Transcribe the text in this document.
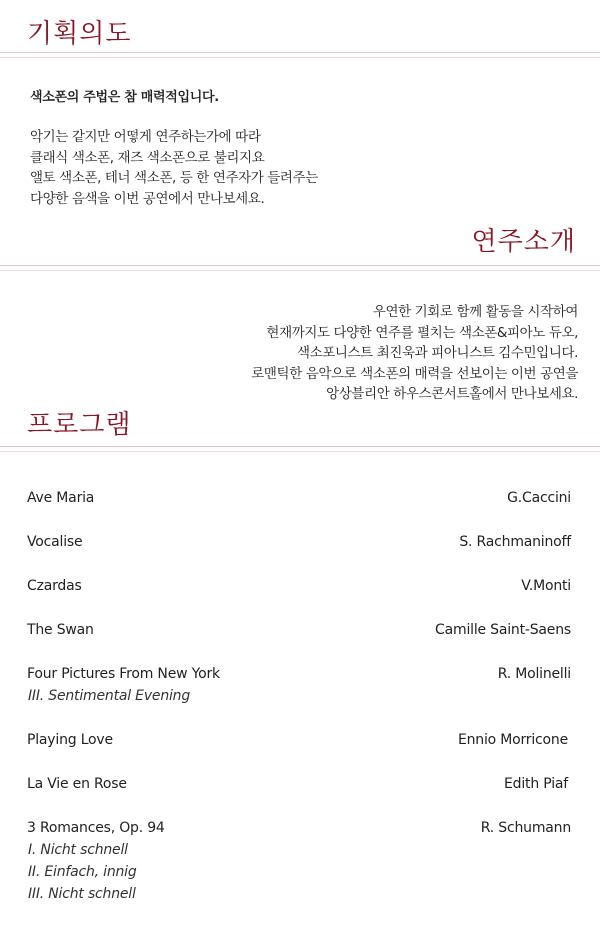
기획의도
색소폰의 주법은 참 매력적입니다.
악기는 같지만 어떻게 연주하는가에 따라
클래식 색소폰, 재즈 색소폰으로 불리지요
앨토 색소폰, 테너 색소폰, 등 한 연주자가 들려주는
다양한 음색을 이번 공연에서 만나보세요.
연주소개
우연한 기회로 함께 활동을 시작하여
현재까지도 다양한 연주를 펼치는 색소폰&피아노 듀오,
색소포니스트 최진욱과 피아니스트 김수민입니다.
로맨틱한 음악으로 색소폰의 매력을 선보이는 이번 공연을
앙상블리안 하우스콘서트홀에서 만나보세요.
프로그램
Ave Maria	G.Caccini
Vocalise	S. Rachmaninoff
Czardas	V.Monti
The Swan	Camille Saint-Saens
Four Pictures From New York	R. Molinelli
III. Sentimental Evening
Playing Love	Ennio Morricone
La Vie en Rose	Edith Piaf
3 Romances, Op. 94	R. Schumann
I. Nicht schnell
II. Einfach, innig
III. Nicht schnell
